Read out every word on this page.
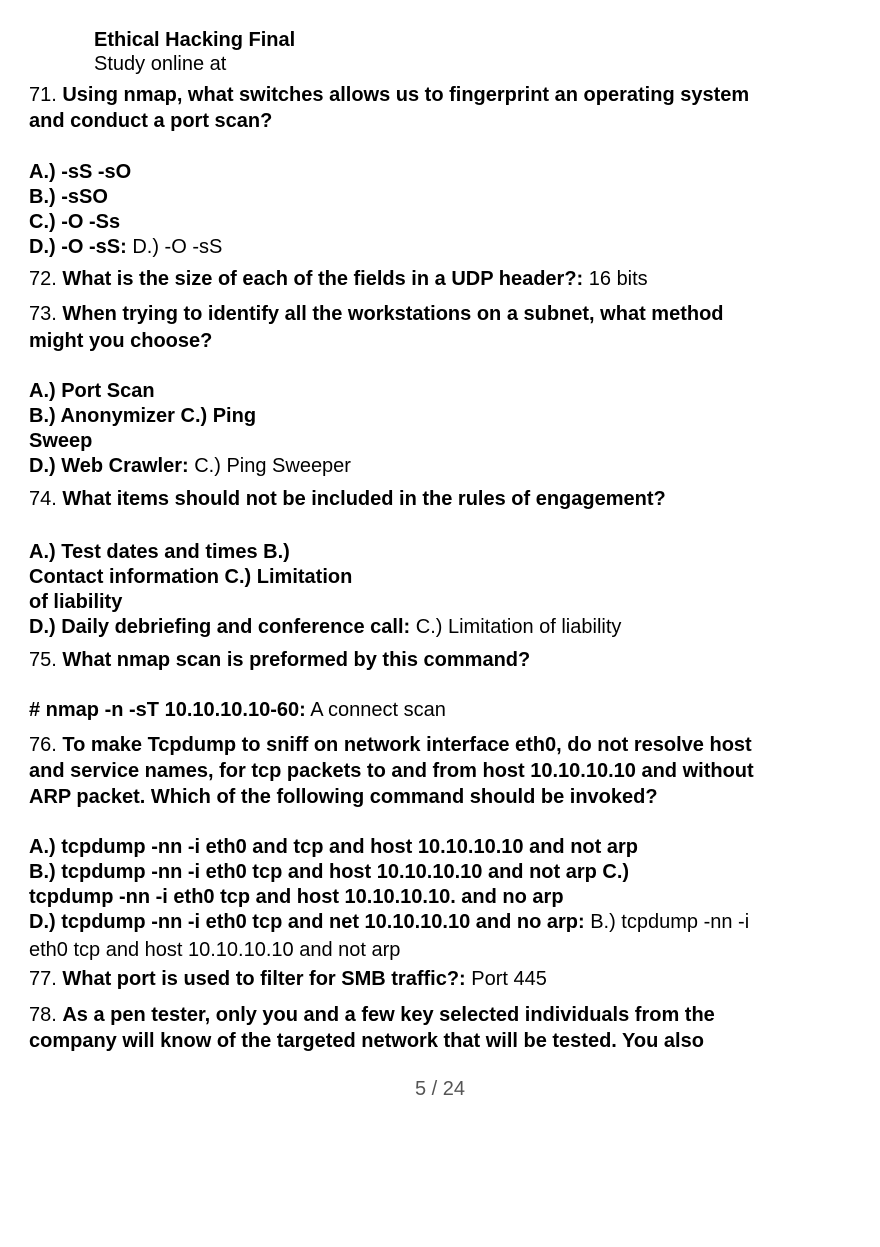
Ethical Hacking Final
Study online at
71. Using nmap, what switches allows us to fingerprint an operating system
and conduct a port scan?
A.) -sS -sO
B.) -sSO
C.) -O -Ss
D.) -O -sS: D.) -O -sS
72. What is the size of each of the fields in a UDP header?: 16 bits
73. When trying to identify all the workstations on a subnet, what method
might you choose?
A.) Port Scan
B.) Anonymizer C.) Ping
Sweep
D.) Web Crawler: C.) Ping Sweeper
74. What items should not be included in the rules of engagement?
A.) Test dates and times B.)
Contact information C.) Limitation
of liability
D.) Daily debriefing and conference call: C.) Limitation of liability
75. What nmap scan is preformed by this command?
# nmap -n -sT 10.10.10.10-60: A connect scan
76. To make Tcpdump to sniff on network interface eth0, do not resolve host
and service names, for tcp packets to and from host 10.10.10.10 and without
ARP packet. Which of the following command should be invoked?
A.) tcpdump -nn -i eth0 and tcp and host 10.10.10.10 and not arp
B.) tcpdump -nn -i eth0 tcp and host 10.10.10.10 and not arp C.)
tcpdump -nn -i eth0 tcp and host 10.10.10.10. and no arp
D.) tcpdump -nn -i eth0 tcp and net 10.10.10.10 and no arp: B.) tcpdump -nn -i
eth0 tcp and host 10.10.10.10 and not arp
77. What port is used to filter for SMB traffic?: Port 445
78. As a pen tester, only you and a few key selected individuals from the
company will know of the targeted network that will be tested. You also
5 / 24
